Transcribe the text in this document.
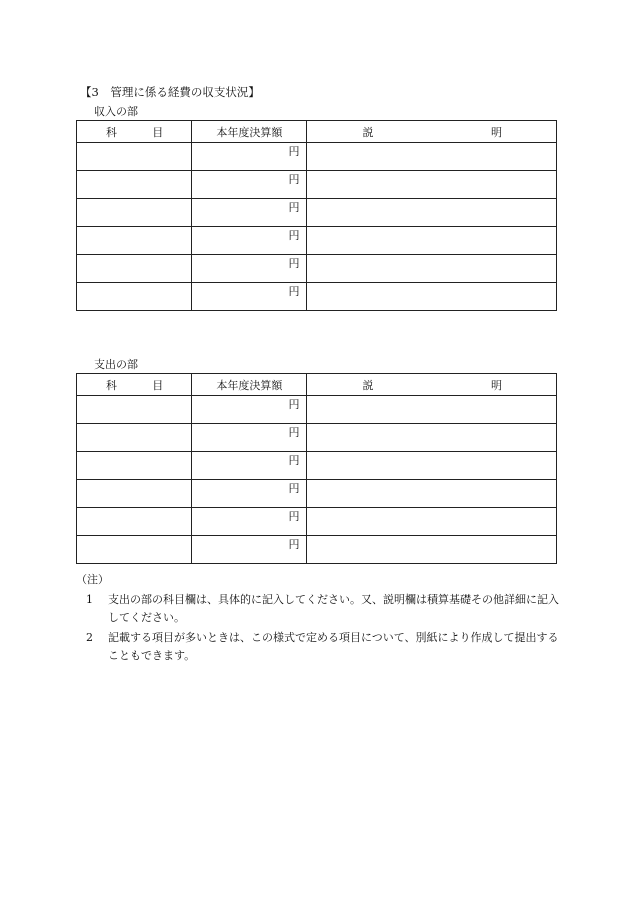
【3　管理に係る経費の収支状況】
収入の部
科 目	本年度決算額	説 明

	円	

	円	

	円	

	円	

	円	

	円	

支出の部
科 目	本年度決算額	説 明

	円	

	円	

	円	

	円	

	円	

	円	

（注）
1	支出の部の科目欄は、具体的に記入してください。又、説明欄は積算基礎その他詳細に記入してください。
2	記載する項目が多いときは、この様式で定める項目について、別紙により作成して提出することもできます。
